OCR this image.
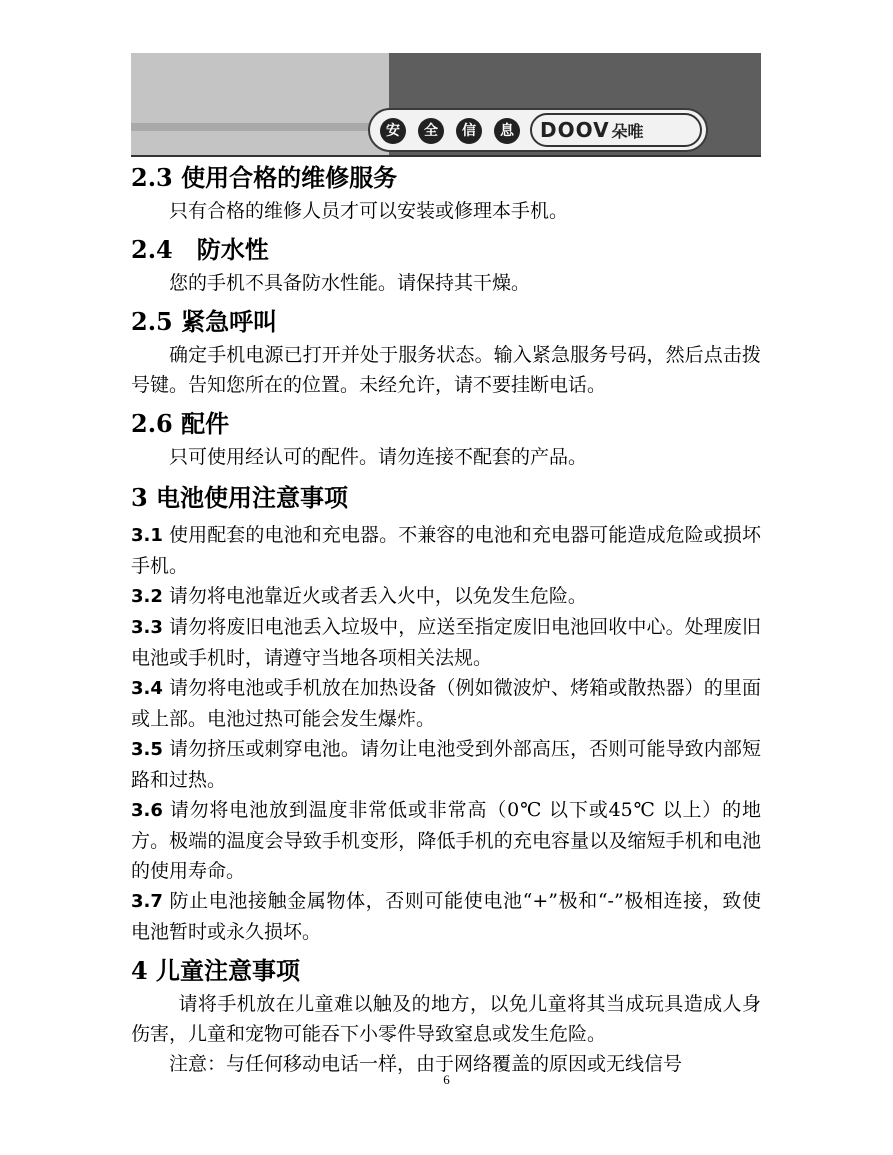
安	全	信	息	DOOV 朵唯
2.3 使用合格的维修服务

只有合格的维修人员才可以安装或修理本手机。

2.4　防水性

您的手机不具备防水性能。请保持其干燥。

2.5 紧急呼叫

确定手机电源已打开并处于服务状态。输入紧急服务号码，然后点击拨号键。告知您所在的位置。未经允许，请不要挂断电话。

2.6 配件

只可使用经认可的配件。请勿连接不配套的产品。

3 电池使用注意事项

3.1 使用配套的电池和充电器。不兼容的电池和充电器可能造成危险或损坏手机。

3.2 请勿将电池靠近火或者丢入火中，以免发生危险。

3.3 请勿将废旧电池丢入垃圾中，应送至指定废旧电池回收中心。处理废旧电池或手机时，请遵守当地各项相关法规。

3.4 请勿将电池或手机放在加热设备（例如微波炉、烤箱或散热器）的里面或上部。电池过热可能会发生爆炸。

3.5 请勿挤压或刺穿电池。请勿让电池受到外部高压，否则可能导致内部短路和过热。

3.6 请勿将电池放到温度非常低或非常高（0℃ 以下或45℃ 以上）的地方。极端的温度会导致手机变形，降低手机的充电容量以及缩短手机和电池的使用寿命。

3.7 防止电池接触金属物体，否则可能使电池“+”极和“-”极相连接，致使电池暂时或永久损坏。

4 儿童注意事项

请将手机放在儿童难以触及的地方，以免儿童将其当成玩具造成人身伤害，儿童和宠物可能吞下小零件导致窒息或发生危险。

注意：与任何移动电话一样，由于网络覆盖的原因或无线信号

6
